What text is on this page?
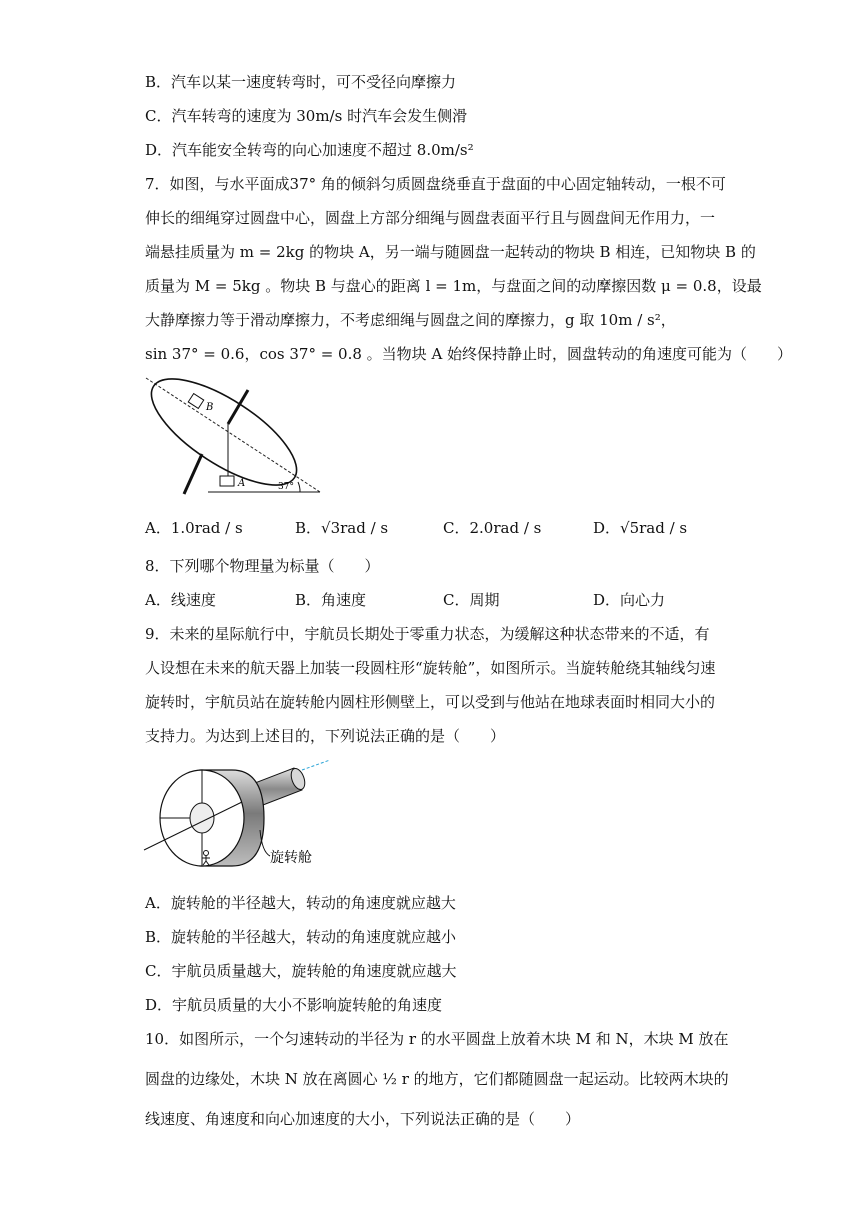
B．汽车以某一速度转弯时，可不受径向摩擦力
C．汽车转弯的速度为 30m/s 时汽车会发生侧滑
D．汽车能安全转弯的向心加速度不超过 8.0m/s²
7．如图，与水平面成37° 角的倾斜匀质圆盘绕垂直于盘面的中心固定轴转动，一根不可
伸长的细绳穿过圆盘中心，圆盘上方部分细绳与圆盘表面平行且与圆盘间无作用力，一
端悬挂质量为 m = 2kg 的物块 A，另一端与随圆盘一起转动的物块 B 相连，已知物块 B 的
质量为 M = 5kg 。物块 B 与盘心的距离 l = 1m，与盘面之间的动摩擦因数 μ = 0.8，设最
大静摩擦力等于滑动摩擦力，不考虑细绳与圆盘之间的摩擦力，g 取 10m / s²，
sin 37° = 0.6，cos 37° = 0.8 。当物块 A 始终保持静止时，圆盘转动的角速度可能为（　　）
B
A	37°
A．1.0rad / s	B．√3rad / s	C．2.0rad / s	D．√5rad / s
8．下列哪个物理量为标量（　　）
A．线速度	B．角速度	C．周期	D．向心力
9．未来的星际航行中，宇航员长期处于零重力状态，为缓解这种状态带来的不适，有
人设想在未来的航天器上加装一段圆柱形“旋转舱”，如图所示。当旋转舱绕其轴线匀速
旋转时，宇航员站在旋转舱内圆柱形侧壁上，可以受到与他站在地球表面时相同大小的
支持力。为达到上述目的，下列说法正确的是（　　）
旋转舱
A．旋转舱的半径越大，转动的角速度就应越大
B．旋转舱的半径越大，转动的角速度就应越小
C．宇航员质量越大，旋转舱的角速度就应越大
D．宇航员质量的大小不影响旋转舱的角速度
10．如图所示，一个匀速转动的半径为 r 的水平圆盘上放着木块 M 和 N，木块 M 放在
圆盘的边缘处，木块 N 放在离圆心 ½ r 的地方，它们都随圆盘一起运动。比较两木块的
线速度、角速度和向心加速度的大小，下列说法正确的是（　　）
